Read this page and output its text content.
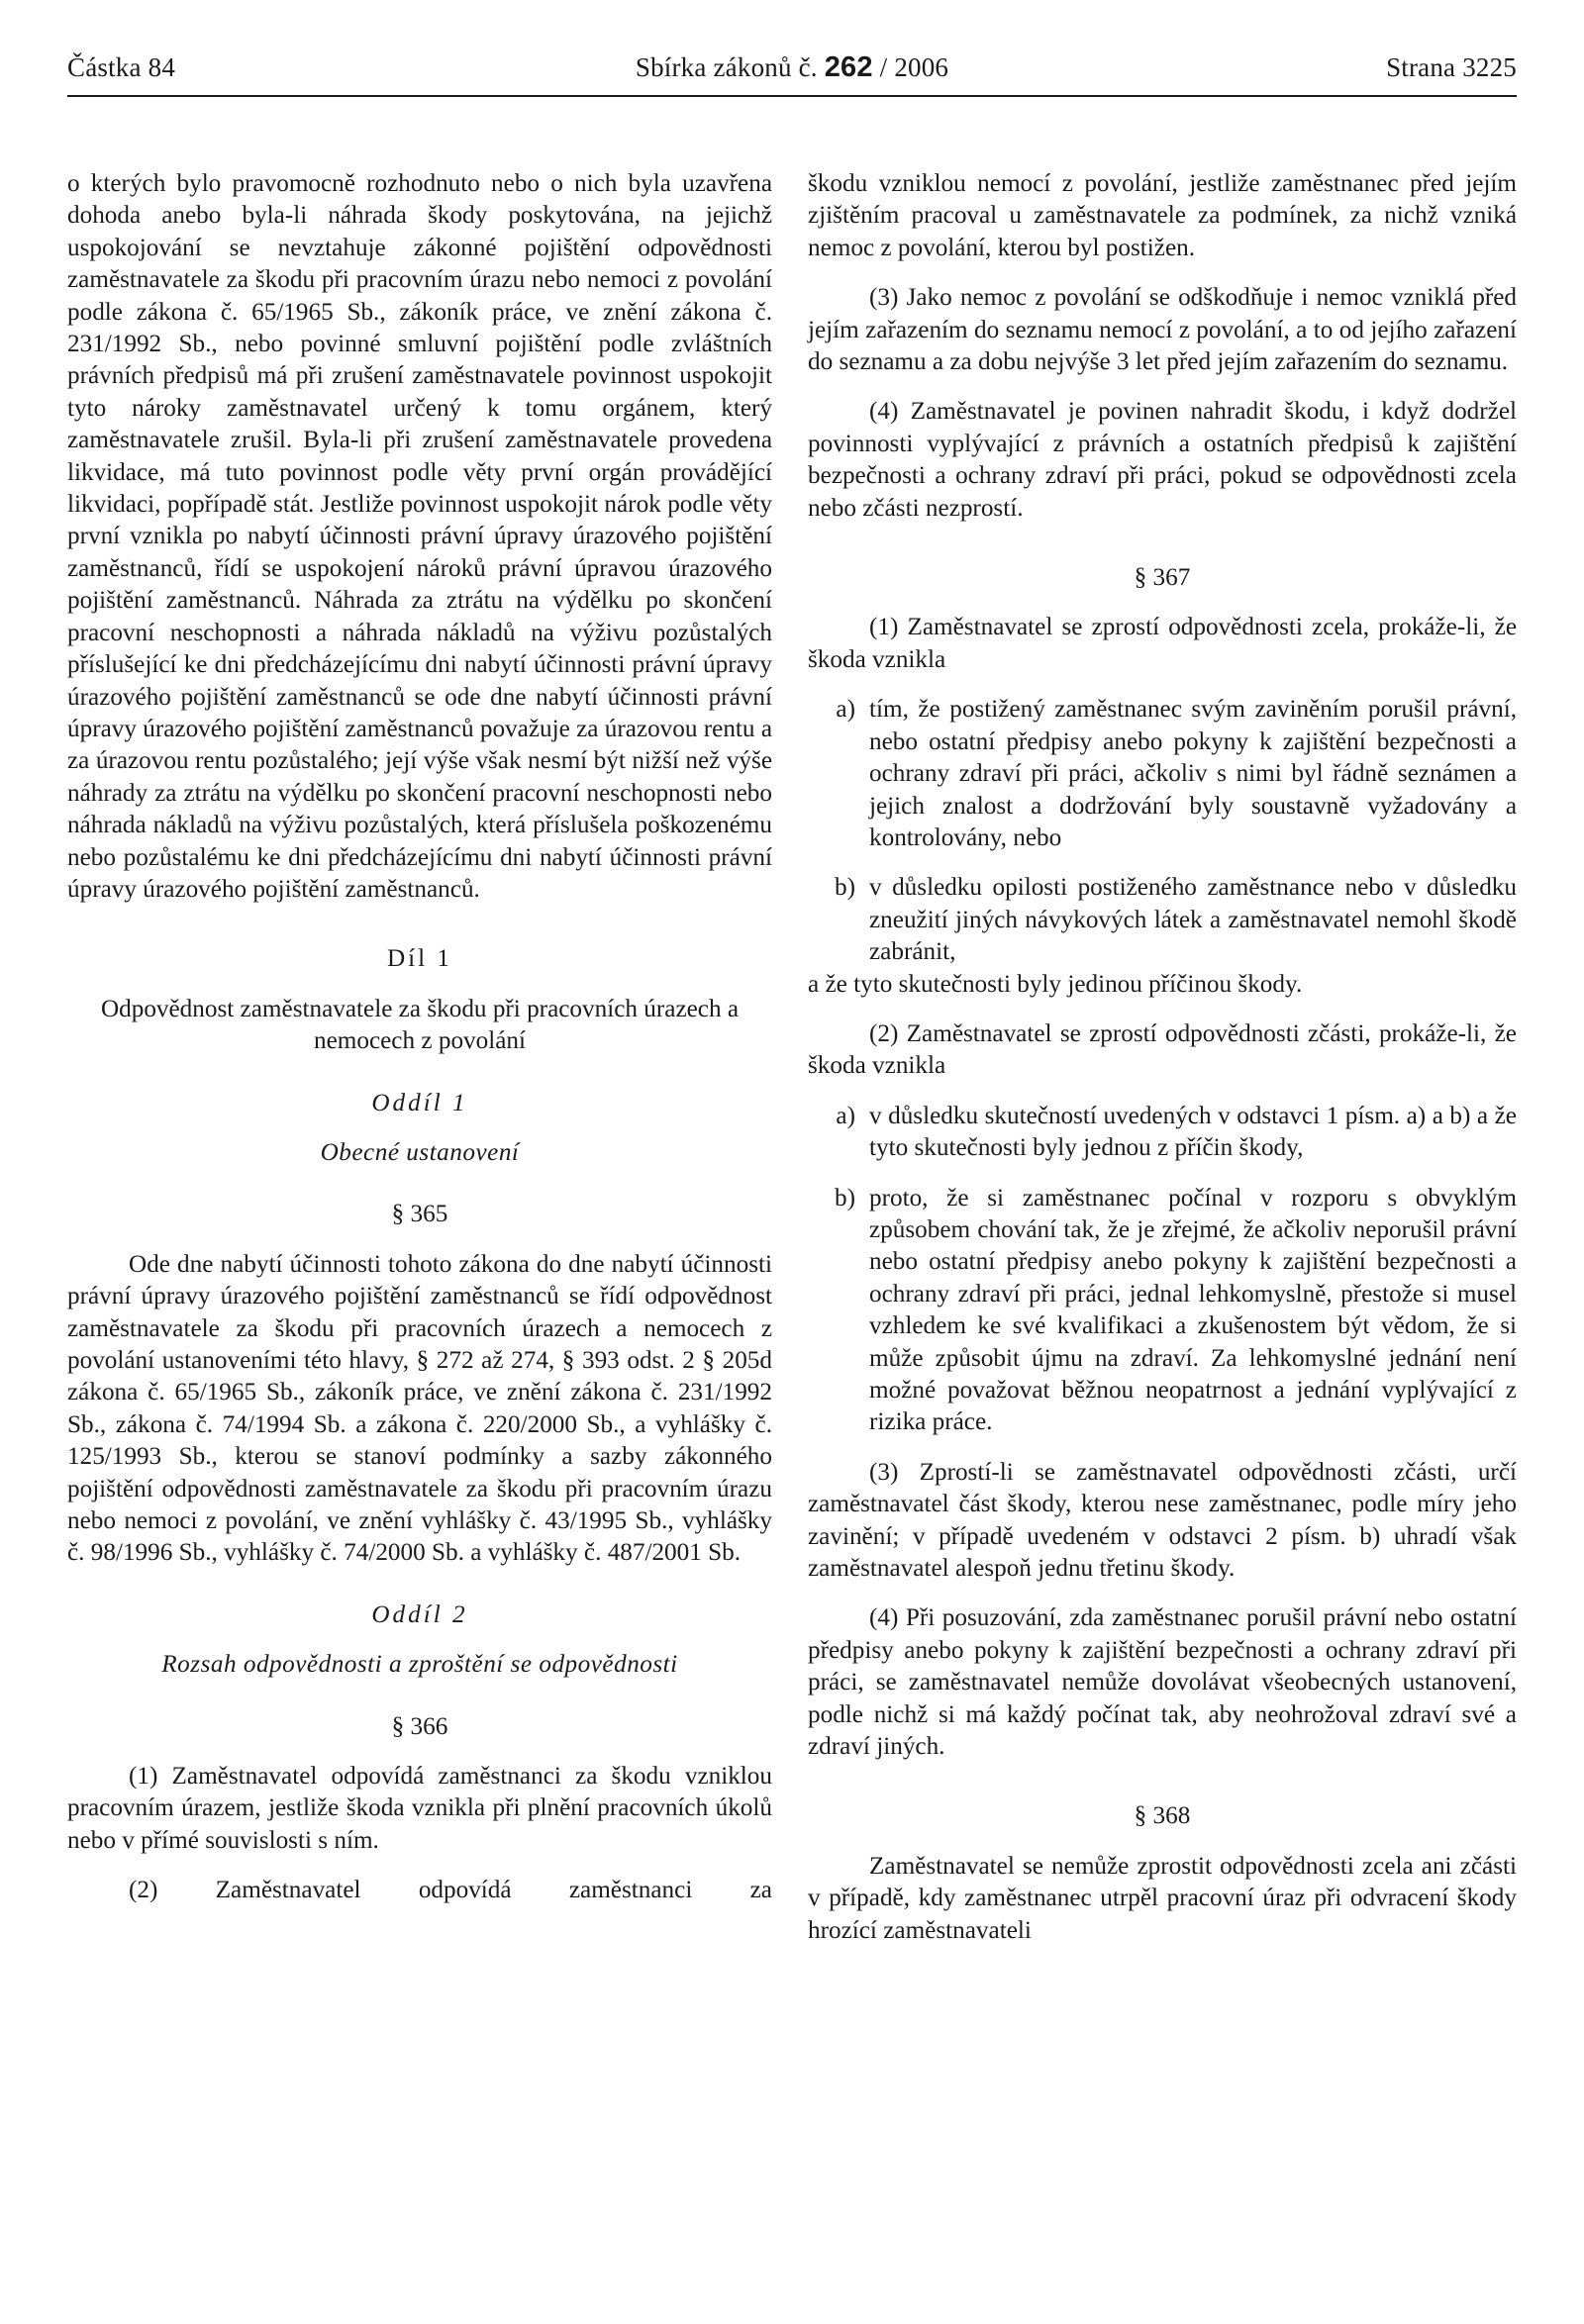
Částka 84	Sbírka zákonů č. 262 / 2006	Strana 3225

o kterých bylo pravomocně rozhodnuto nebo o nich byla uzavřena dohoda anebo byla-li náhrada škody poskytována, na jejichž uspokojování se nevztahuje zákonné pojištění odpovědnosti zaměstnavatele za škodu při pracovním úrazu nebo nemoci z povolání podle zákona č. 65/1965 Sb., zákoník práce, ve znění zákona č. 231/1992 Sb., nebo povinné smluvní pojištění podle zvláštních právních předpisů má při zrušení zaměstnavatele povinnost uspokojit tyto nároky zaměstnavatel určený k tomu orgánem, který zaměstnavatele zrušil. Byla-li při zrušení zaměstnavatele provedena likvidace, má tuto povinnost podle věty první orgán provádějící likvidaci, popřípadě stát. Jestliže povinnost uspokojit nárok podle věty první vznikla po nabytí účinnosti právní úpravy úrazového pojištění zaměstnanců, řídí se uspokojení nároků právní úpravou úrazového pojištění zaměstnanců. Náhrada za ztrátu na výdělku po skončení pracovní neschopnosti a náhrada nákladů na výživu pozůstalých příslušející ke dni předcházejícímu dni nabytí účinnosti právní úpravy úrazového pojištění zaměstnanců se ode dne nabytí účinnosti právní úpravy úrazového pojištění zaměstnanců považuje za úrazovou rentu a za úrazovou rentu pozůstalého; její výše však nesmí být nižší než výše náhrady za ztrátu na výdělku po skončení pracovní neschopnosti nebo náhrada nákladů na výživu pozůstalých, která příslušela poškozenému nebo pozůstalému ke dni předcházejícímu dni nabytí účinnosti právní úpravy úrazového pojištění zaměstnanců.

Díl 1

Odpovědnost zaměstnavatele za škodu při pracovních úrazech a nemocech z povolání

Oddíl 1

Obecné ustanovení

§ 365

Ode dne nabytí účinnosti tohoto zákona do dne nabytí účinnosti právní úpravy úrazového pojištění zaměstnanců se řídí odpovědnost zaměstnavatele za škodu při pracovních úrazech a nemocech z povolání ustanoveními této hlavy, § 272 až 274, § 393 odst. 2 § 205d zákona č. 65/1965 Sb., zákoník práce, ve znění zákona č. 231/1992 Sb., zákona č. 74/1994 Sb. a zákona č. 220/2000 Sb., a vyhlášky č. 125/1993 Sb., kterou se stanoví podmínky a sazby zákonného pojištění odpovědnosti zaměstnavatele za škodu při pracovním úrazu nebo nemoci z povolání, ve znění vyhlášky č. 43/1995 Sb., vyhlášky č. 98/1996 Sb., vyhlášky č. 74/2000 Sb. a vyhlášky č. 487/2001 Sb.

Oddíl 2

Rozsah odpovědnosti a zproštění se odpovědnosti

§ 366

(1) Zaměstnavatel odpovídá zaměstnanci za škodu vzniklou pracovním úrazem, jestliže škoda vznikla při plnění pracovních úkolů nebo v přímé souvislosti s ním.

(2) Zaměstnavatel odpovídá zaměstnanci za

škodu vzniklou nemocí z povolání, jestliže zaměstnanec před jejím zjištěním pracoval u zaměstnavatele za podmínek, za nichž vzniká nemoc z povolání, kterou byl postižen.

(3) Jako nemoc z povolání se odškodňuje i nemoc vzniklá před jejím zařazením do seznamu nemocí z povolání, a to od jejího zařazení do seznamu a za dobu nejvýše 3 let před jejím zařazením do seznamu.

(4) Zaměstnavatel je povinen nahradit škodu, i když dodržel povinnosti vyplývající z právních a ostatních předpisů k zajištění bezpečnosti a ochrany zdraví při práci, pokud se odpovědnosti zcela nebo zčásti nezprostí.

§ 367

(1) Zaměstnavatel se zprostí odpovědnosti zcela, prokáže-li, že škoda vznikla

a) tím, že postižený zaměstnanec svým zaviněním porušil právní, nebo ostatní předpisy anebo pokyny k zajištění bezpečnosti a ochrany zdraví při práci, ačkoliv s nimi byl řádně seznámen a jejich znalost a dodržování byly soustavně vyžadovány a kontrolovány, nebo
b) v důsledku opilosti postiženého zaměstnance nebo v důsledku zneužití jiných návykových látek a zaměstnavatel nemohl škodě zabránit,

a že tyto skutečnosti byly jedinou příčinou škody.

(2) Zaměstnavatel se zprostí odpovědnosti zčásti, prokáže-li, že škoda vznikla

a) v důsledku skutečností uvedených v odstavci 1 písm. a) a b) a že tyto skutečnosti byly jednou z příčin škody,
b) proto, že si zaměstnanec počínal v rozporu s obvyklým způsobem chování tak, že je zřejmé, že ačkoliv neporušil právní nebo ostatní předpisy anebo pokyny k zajištění bezpečnosti a ochrany zdraví při práci, jednal lehkomyslně, přestože si musel vzhledem ke své kvalifikaci a zkušenostem být vědom, že si může způsobit újmu na zdraví. Za lehkomyslné jednání není možné považovat běžnou neopatrnost a jednání vyplývající z rizika práce.

(3) Zprostí-li se zaměstnavatel odpovědnosti zčásti, určí zaměstnavatel část škody, kterou nese zaměstnanec, podle míry jeho zavinění; v případě uvedeném v odstavci 2 písm. b) uhradí však zaměstnavatel alespoň jednu třetinu škody.

(4) Při posuzování, zda zaměstnanec porušil právní nebo ostatní předpisy anebo pokyny k zajištění bezpečnosti a ochrany zdraví při práci, se zaměstnavatel nemůže dovolávat všeobecných ustanovení, podle nichž si má každý počínat tak, aby neohrožoval zdraví své a zdraví jiných.

§ 368

Zaměstnavatel se nemůže zprostit odpovědnosti zcela ani zčásti v případě, kdy zaměstnanec utrpěl pracovní úraz při odvracení škody hrozící zaměstnavateli
